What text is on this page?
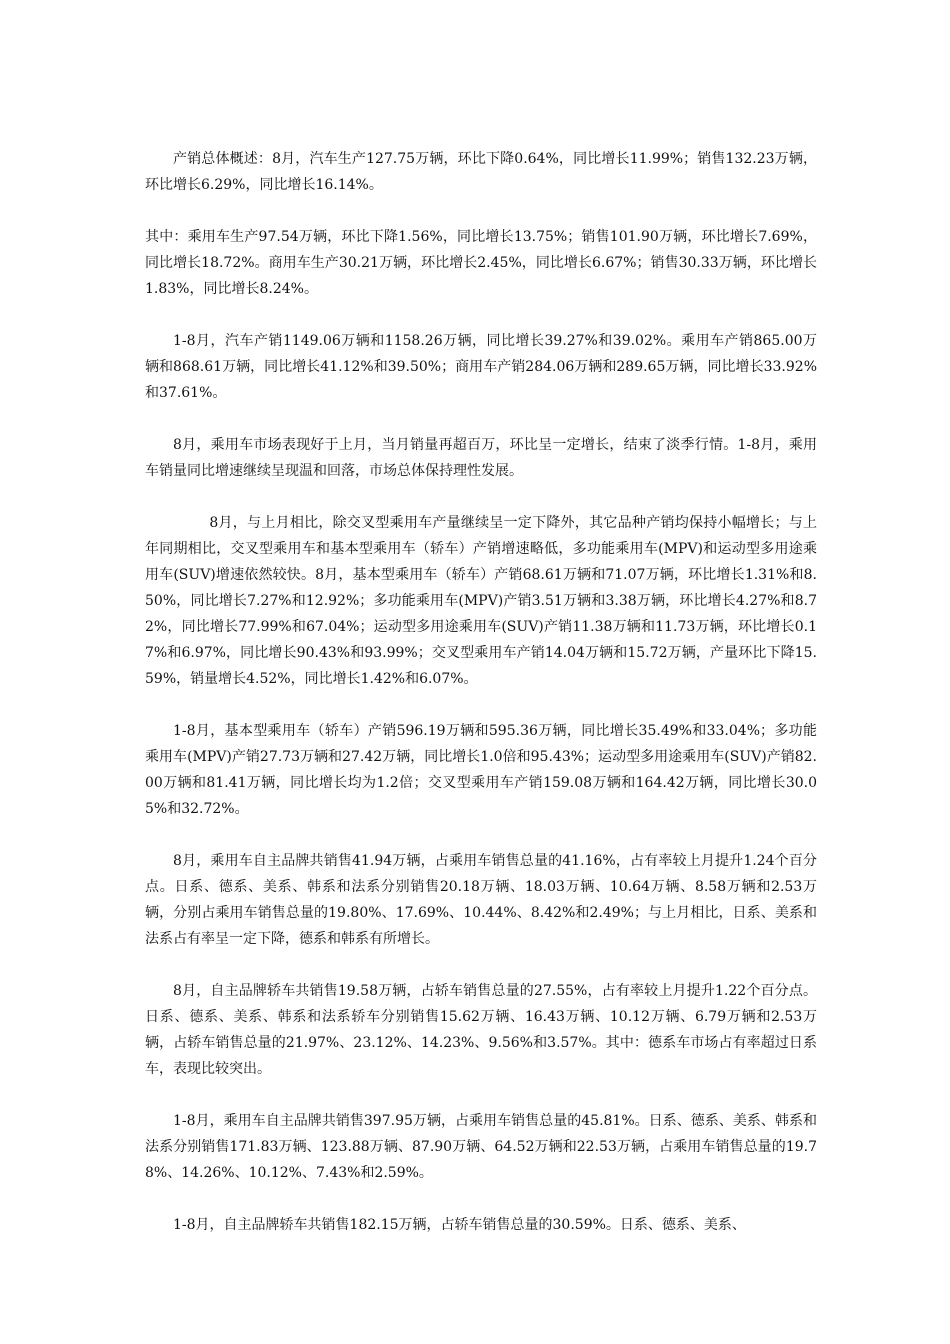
产销总体概述：8月，汽车生产127.75万辆，环比下降0.64%，同比增长11.99%；销售132.23万辆，环比增长6.29%，同比增长16.14%。

其中：乘用车生产97.54万辆，环比下降1.56%，同比增长13.75%；销售101.90万辆，环比增长7.69%，同比增长18.72%。商用车生产30.21万辆，环比增长2.45%，同比增长6.67%；销售30.33万辆，环比增长1.83%，同比增长8.24%。

1-8月，汽车产销1149.06万辆和1158.26万辆，同比增长39.27%和39.02%。乘用车产销865.00万辆和868.61万辆，同比增长41.12%和39.50%；商用车产销284.06万辆和289.65万辆，同比增长33.92%和37.61%。

8月，乘用车市场表现好于上月，当月销量再超百万，环比呈一定增长，结束了淡季行情。1-8月，乘用车销量同比增速继续呈现温和回落，市场总体保持理性发展。

8月，与上月相比，除交叉型乘用车产量继续呈一定下降外，其它品种产销均保持小幅增长；与上年同期相比，交叉型乘用车和基本型乘用车（轿车）产销增速略低，多功能乘用车(MPV)和运动型多用途乘用车(SUV)增速依然较快。8月，基本型乘用车（轿车）产销68.61万辆和71.07万辆，环比增长1.31%和8.50%，同比增长7.27%和12.92%；多功能乘用车(MPV)产销3.51万辆和3.38万辆，环比增长4.27%和8.72%，同比增长77.99%和67.04%；运动型多用途乘用车(SUV)产销11.38万辆和11.73万辆，环比增长0.17%和6.97%，同比增长90.43%和93.99%；交叉型乘用车产销14.04万辆和15.72万辆，产量环比下降15.59%，销量增长4.52%，同比增长1.42%和6.07%。

1-8月，基本型乘用车（轿车）产销596.19万辆和595.36万辆，同比增长35.49%和33.04%；多功能乘用车(MPV)产销27.73万辆和27.42万辆，同比增长1.0倍和95.43%；运动型多用途乘用车(SUV)产销82.00万辆和81.41万辆，同比增长均为1.2倍；交叉型乘用车产销159.08万辆和164.42万辆，同比增长30.05%和32.72%。

8月，乘用车自主品牌共销售41.94万辆，占乘用车销售总量的41.16%，占有率较上月提升1.24个百分点。日系、德系、美系、韩系和法系分别销售20.18万辆、18.03万辆、10.64万辆、8.58万辆和2.53万辆，分别占乘用车销售总量的19.80%、17.69%、10.44%、8.42%和2.49%；与上月相比，日系、美系和法系占有率呈一定下降，德系和韩系有所增长。

8月，自主品牌轿车共销售19.58万辆，占轿车销售总量的27.55%，占有率较上月提升1.22个百分点。日系、德系、美系、韩系和法系轿车分别销售15.62万辆、16.43万辆、10.12万辆、6.79万辆和2.53万辆，占轿车销售总量的21.97%、23.12%、14.23%、9.56%和3.57%。其中：德系车市场占有率超过日系车，表现比较突出。

1-8月，乘用车自主品牌共销售397.95万辆，占乘用车销售总量的45.81%。日系、德系、美系、韩系和法系分别销售171.83万辆、123.88万辆、87.90万辆、64.52万辆和22.53万辆，占乘用车销售总量的19.78%、14.26%、10.12%、7.43%和2.59%。

1-8月，自主品牌轿车共销售182.15万辆，占轿车销售总量的30.59%。日系、德系、美系、
